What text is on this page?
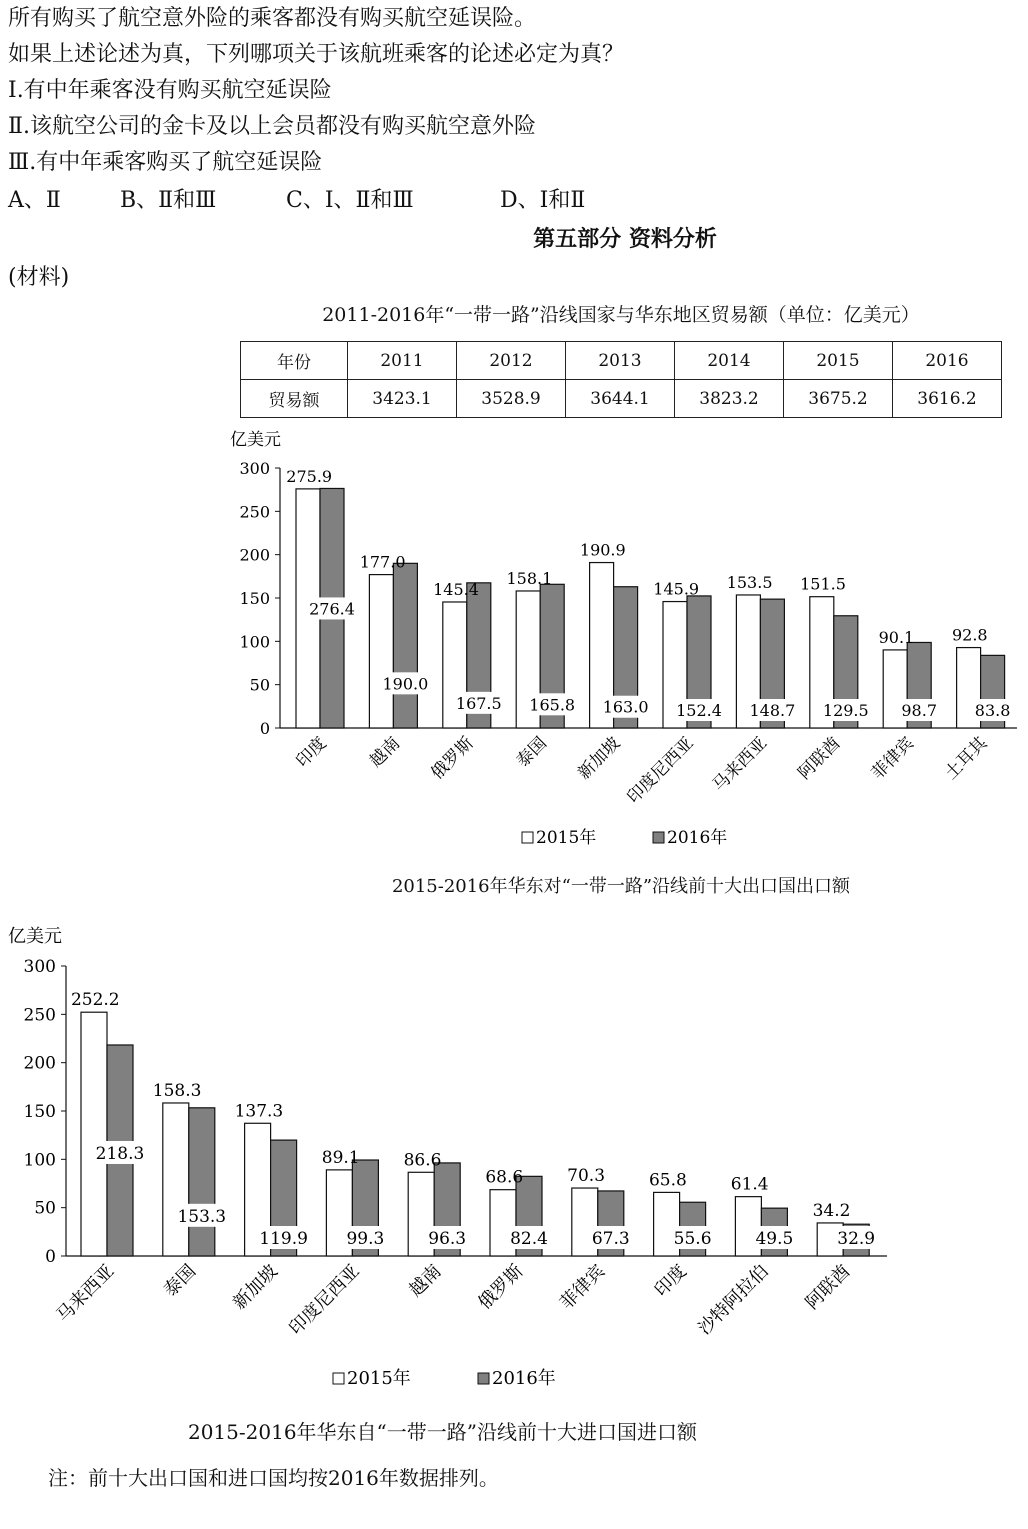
所有购买了航空意外险的乘客都没有购买航空延误险。
如果上述论述为真，下列哪项关于该航班乘客的论述必定为真？
Ⅰ.有中年乘客没有购买航空延误险
Ⅱ.该航空公司的金卡及以上会员都没有购买航空意外险
Ⅲ.有中年乘客购买了航空延误险
A、Ⅱ	B、Ⅱ和Ⅲ	C、Ⅰ、Ⅱ和Ⅲ	D、Ⅰ和Ⅱ
第五部分 资料分析
(材料)
2011-2016年“一带一路”沿线国家与华东地区贸易额（单位：亿美元）
年份	2011	2012	2013	2014	2015	2016
贸易额	3423.1	3528.9	3644.1	3823.2	3675.2	3616.2
亿美元
0
50
100
150
200
250
300 275.9
276.4
印度
177.0
190.0
越南
145.4
167.5
俄罗斯
158.1
165.8
泰国
190.9
163.0
新加坡
145.9
152.4
印度尼西亚
153.5
148.7
马来西亚
151.5
129.5
阿联酋
90.1
98.7
菲律宾
92.8
83.8
土耳其
2015年	2016年
2015-2016年华东对“一带一路”沿线前十大出口国出口额
亿美元
0
50
100
150
200
250
300
252.2
218.3
马来西亚
158.3
153.3
泰国
137.3
119.9
新加坡
89.1
99.3
印度尼西亚
86.6
96.3
越南
68.6
82.4
俄罗斯
70.3
67.3
菲律宾
65.8
55.6
印度
61.4
49.5
沙特阿拉伯
34.2
32.9
阿联酋
2015年	2016年
2015-2016年华东自“一带一路”沿线前十大进口国进口额
注：前十大出口国和进口国均按2016年数据排列。
